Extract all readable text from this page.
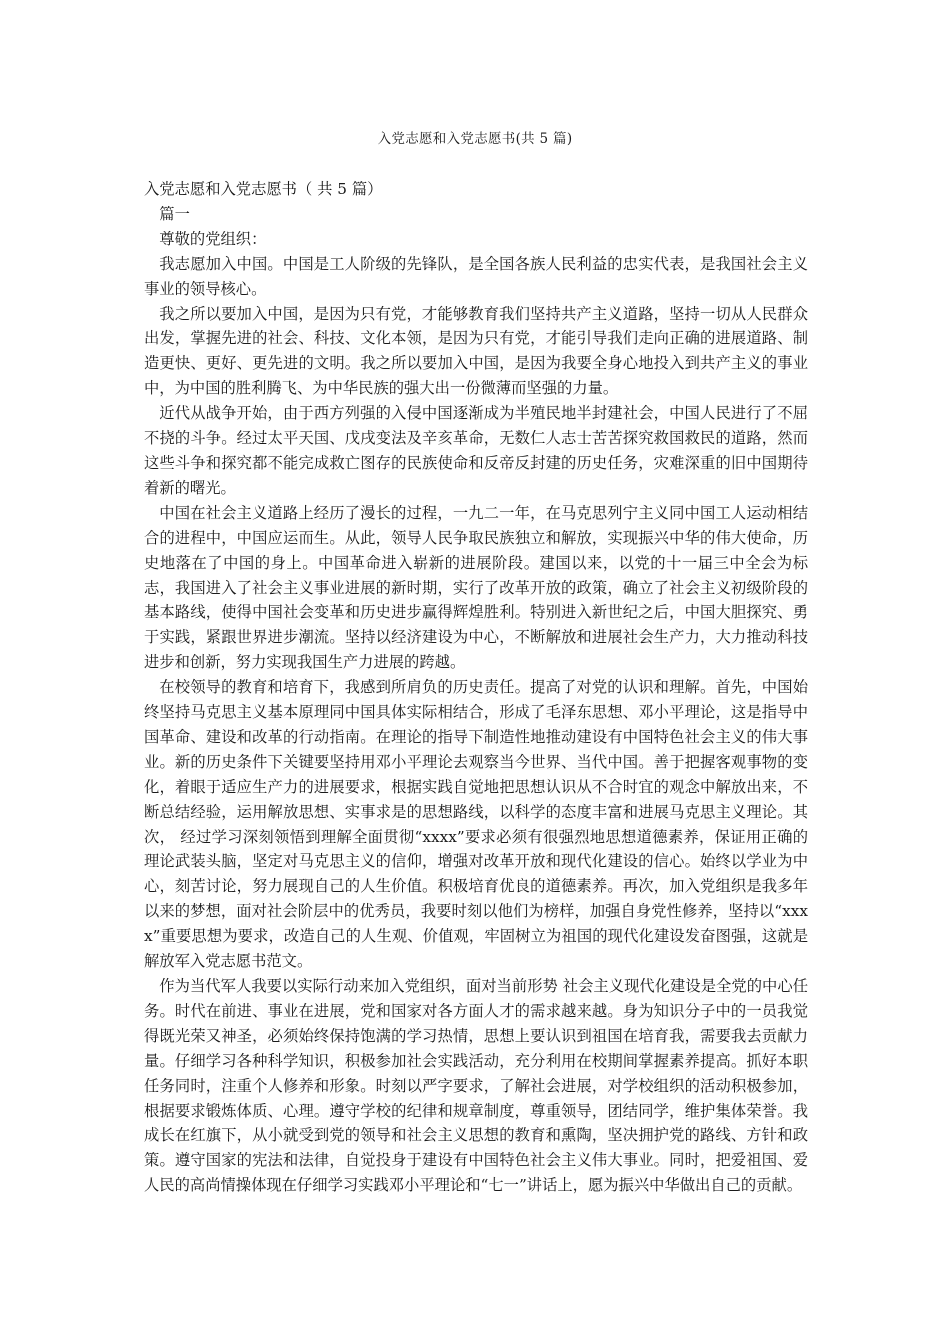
入党志愿和入党志愿书(共 5 篇)

入党志愿和入党志愿书（ 共 5 篇）

篇一

尊敬的党组织：

我志愿加入中国。中国是工人阶级的先锋队，是全国各族人民利益的忠实代表，是我国社会主义事业的领导核心。

我之所以要加入中国，是因为只有党，才能够教育我们坚持共产主义道路，坚持一切从人民群众出发，掌握先进的社会、科技、文化本领，是因为只有党，才能引导我们走向正确的进展道路、制造更快、更好、更先进的文明。我之所以要加入中国，是因为我要全身心地投入到共产主义的事业中，为中国的胜利腾飞、为中华民族的强大出一份微薄而坚强的力量。

近代从战争开始，由于西方列强的入侵中国逐渐成为半殖民地半封建社会，中国人民进行了不屈不挠的斗争。经过太平天国、戊戌变法及辛亥革命，无数仁人志士苦苦探究救国救民的道路，然而这些斗争和探究都不能完成救亡图存的民族使命和反帝反封建的历史任务，灾难深重的旧中国期待着新的曙光。

中国在社会主义道路上经历了漫长的过程，一九二一年，在马克思列宁主义同中国工人运动相结合的进程中，中国应运而生。从此，领导人民争取民族独立和解放，实现振兴中华的伟大使命，历史地落在了中国的身上。中国革命进入崭新的进展阶段。建国以来，以党的十一届三中全会为标志，我国进入了社会主义事业进展的新时期，实行了改革开放的政策，确立了社会主义初级阶段的基本路线，使得中国社会变革和历史进步赢得辉煌胜利。特别进入新世纪之后，中国大胆探究、勇于实践，紧跟世界进步潮流。坚持以经济建设为中心，不断解放和进展社会生产力，大力推动科技进步和创新，努力实现我国生产力进展的跨越。

在校领导的教育和培育下，我感到所肩负的历史责任。提高了对党的认识和理解。首先，中国始终坚持马克思主义基本原理同中国具体实际相结合，形成了毛泽东思想、邓小平理论，这是指导中国革命、建设和改革的行动指南。在理论的指导下制造性地推动建设有中国特色社会主义的伟大事业。新的历史条件下关键要坚持用邓小平理论去观察当今世界、当代中国。善于把握客观事物的变化，着眼于适应生产力的进展要求，根据实践自觉地把思想认识从不合时宜的观念中解放出来，不断总结经验，运用解放思想、实事求是的思想路线，以科学的态度丰富和进展马克思主义理论。其次， 经过学习深刻领悟到理解全面贯彻“xxxx”要求必须有很强烈地思想道德素养，保证用正确的理论武装头脑，坚定对马克思主义的信仰，增强对改革开放和现代化建设的信心。始终以学业为中心，刻苦讨论，努力展现自己的人生价值。积极培育优良的道德素养。再次，加入党组织是我多年以来的梦想，面对社会阶层中的优秀员，我要时刻以他们为榜样，加强自身党性修养，坚持以“xxxx”重要思想为要求，改造自己的人生观、价值观，牢固树立为祖国的现代化建设发奋图强，这就是解放军入党志愿书范文。

作为当代军人我要以实际行动来加入党组织，面对当前形势 社会主义现代化建设是全党的中心任务。时代在前进、事业在进展，党和国家对各方面人才的需求越来越。身为知识分子中的一员我觉得既光荣又神圣，必须始终保持饱满的学习热情，思想上要认识到祖国在培育我，需要我去贡献力量。仔细学习各种科学知识，积极参加社会实践活动，充分利用在校期间掌握素养提高。抓好本职任务同时，注重个人修养和形象。时刻以严字要求，了解社会进展，对学校组织的活动积极参加，根据要求锻炼体质、心理。遵守学校的纪律和规章制度，尊重领导，团结同学，维护集体荣誉。我成长在红旗下，从小就受到党的领导和社会主义思想的教育和熏陶，坚决拥护党的路线、方针和政策。遵守国家的宪法和法律，自觉投身于建设有中国特色社会主义伟大事业。同时，把爱祖国、爱人民的高尚情操体现在仔细学习实践邓小平理论和“七一”讲话上，愿为振兴中华做出自己的贡献。
